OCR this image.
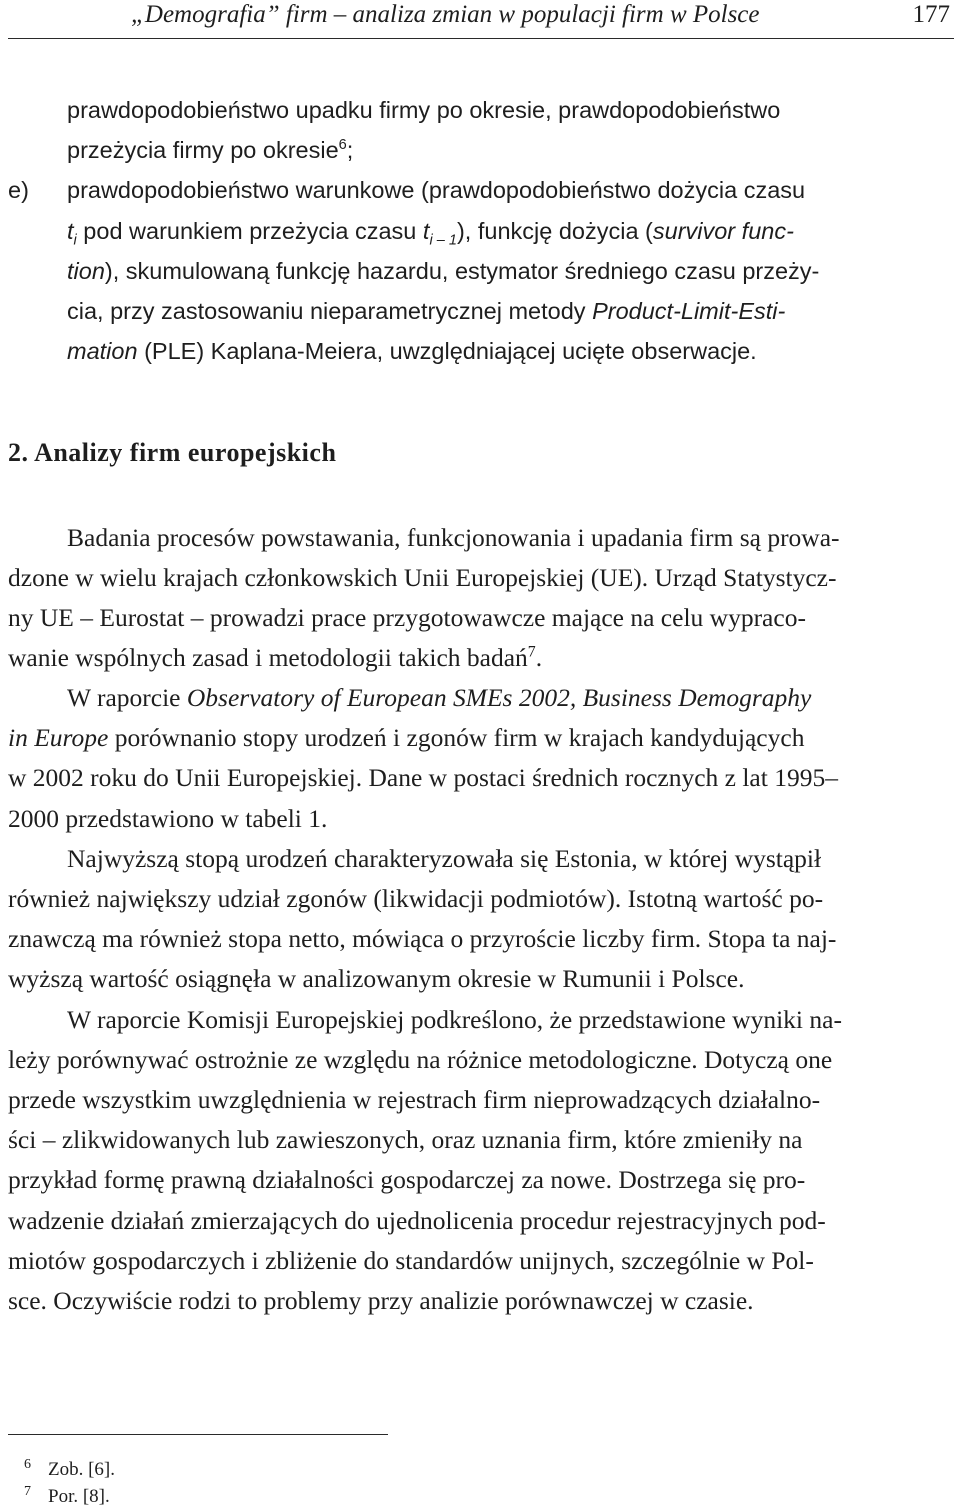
„Demografia” firm – analiza zmian w populacji firm w Polsce	177
prawdopodobieństwo upadku firmy po okresie, prawdopodobieństwo
przeżycia firmy po okresie$^6$;
e) prawdopodobieństwo warunkowe (prawdopodobieństwo dożycia czasu
$t_i$ pod warunkiem przeżycia czasu $t_{i - 1}$), funkcję dożycia (survivor func-
tion), skumulowaną funkcję hazardu, estymator średniego czasu przeży-
cia, przy zastosowaniu nieparametrycznej metody Product-Limit-Esti-
mation (PLE) Kaplana-Meiera, uwzględniającej ucięte obserwacje.
2. Analizy firm europejskich
Badania procesów powstawania, funkcjonowania i upadania firm są prowa-
dzone w wielu krajach członkowskich Unii Europejskiej (UE). Urząd Statystycz-
ny UE – Eurostat – prowadzi prace przygotowawcze mające na celu wypraco-
wanie wspólnych zasad i metodologii takich badań$^7$.
W raporcie Observatory of European SMEs 2002, Business Demography
in Europe porównanio stopy urodzeń i zgonów firm w krajach kandydujących
w 2002 roku do Unii Europejskiej. Dane w postaci średnich rocznych z lat 1995–
2000 przedstawiono w tabeli 1.
Najwyższą stopą urodzeń charakteryzowała się Estonia, w której wystąpił
również największy udział zgonów (likwidacji podmiotów). Istotną wartość po-
znawczą ma również stopa netto, mówiąca o przyroście liczby firm. Stopa ta naj-
wyższą wartość osiągnęła w analizowanym okresie w Rumunii i Polsce.
W raporcie Komisji Europejskiej podkreślono, że przedstawione wyniki na-
leży porównywać ostrożnie ze względu na różnice metodologiczne. Dotyczą one
przede wszystkim uwzględnienia w rejestrach firm nieprowadzących działalno-
ści – zlikwidowanych lub zawieszonych, oraz uznania firm, które zmieniły na
przykład formę prawną działalności gospodarczej za nowe. Dostrzega się pro-
wadzenie działań zmierzających do ujednolicenia procedur rejestracyjnych pod-
miotów gospodarczych i zbliżenie do standardów unijnych, szczególnie w Pol-
sce. Oczywiście rodzi to problemy przy analizie porównawczej w czasie.
6 Zob. [6].
7 Por. [8].
